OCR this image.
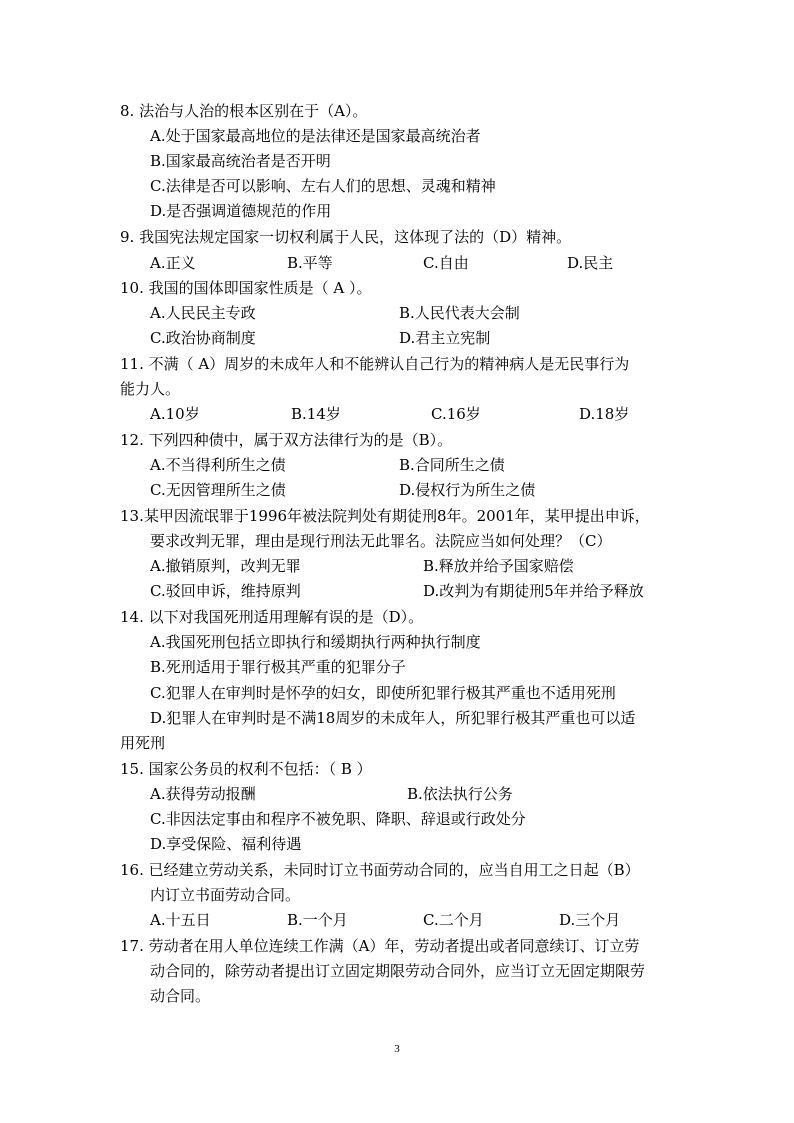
8. 法治与人治的根本区别在于（A）。
A.处于国家最高地位的是法律还是国家最高统治者
B.国家最高统治者是否开明
C.法律是否可以影响、左右人们的思想、灵魂和精神
D.是否强调道德规范的作用
9. 我国宪法规定国家一切权利属于人民，这体现了法的（D）精神。
A.正义	B.平等	C.自由	D.民主
10. 我国的国体即国家性质是（ A ）。
A.人民民主专政	B.人民代表大会制
C.政治协商制度	D.君主立宪制
11. 不满（ A）周岁的未成年人和不能辨认自己行为的精神病人是无民事行为
能力人。
A.10岁	B.14岁	C.16岁	D.18岁
12. 下列四种债中，属于双方法律行为的是（B）。
A.不当得利所生之债	B.合同所生之债
C.无因管理所生之债	D.侵权行为所生之债
13.某甲因流氓罪于1996年被法院判处有期徒刑8年。2001年，某甲提出申诉，
要求改判无罪，理由是现行刑法无此罪名。法院应当如何处理？（C）
A.撤销原判，改判无罪	B.释放并给予国家赔偿
C.驳回申诉，维持原判	D.改判为有期徒刑5年并给予释放
14. 以下对我国死刑适用理解有误的是（D）。
A.我国死刑包括立即执行和缓期执行两种执行制度
B.死刑适用于罪行极其严重的犯罪分子
C.犯罪人在审判时是怀孕的妇女，即使所犯罪行极其严重也不适用死刑
D.犯罪人在审判时是不满18周岁的未成年人，所犯罪行极其严重也可以适
用死刑
15. 国家公务员的权利不包括：（ B ）
A.获得劳动报酬	B.依法执行公务
C.非因法定事由和程序不被免职、降职、辞退或行政处分
D.享受保险、福利待遇
16. 已经建立劳动关系，未同时订立书面劳动合同的，应当自用工之日起（B）
内订立书面劳动合同。
A.十五日	B.一个月	C.二个月	D.三个月
17. 劳动者在用人单位连续工作满（A）年，劳动者提出或者同意续订、订立劳
动合同的，除劳动者提出订立固定期限劳动合同外，应当订立无固定期限劳
动合同。
3
